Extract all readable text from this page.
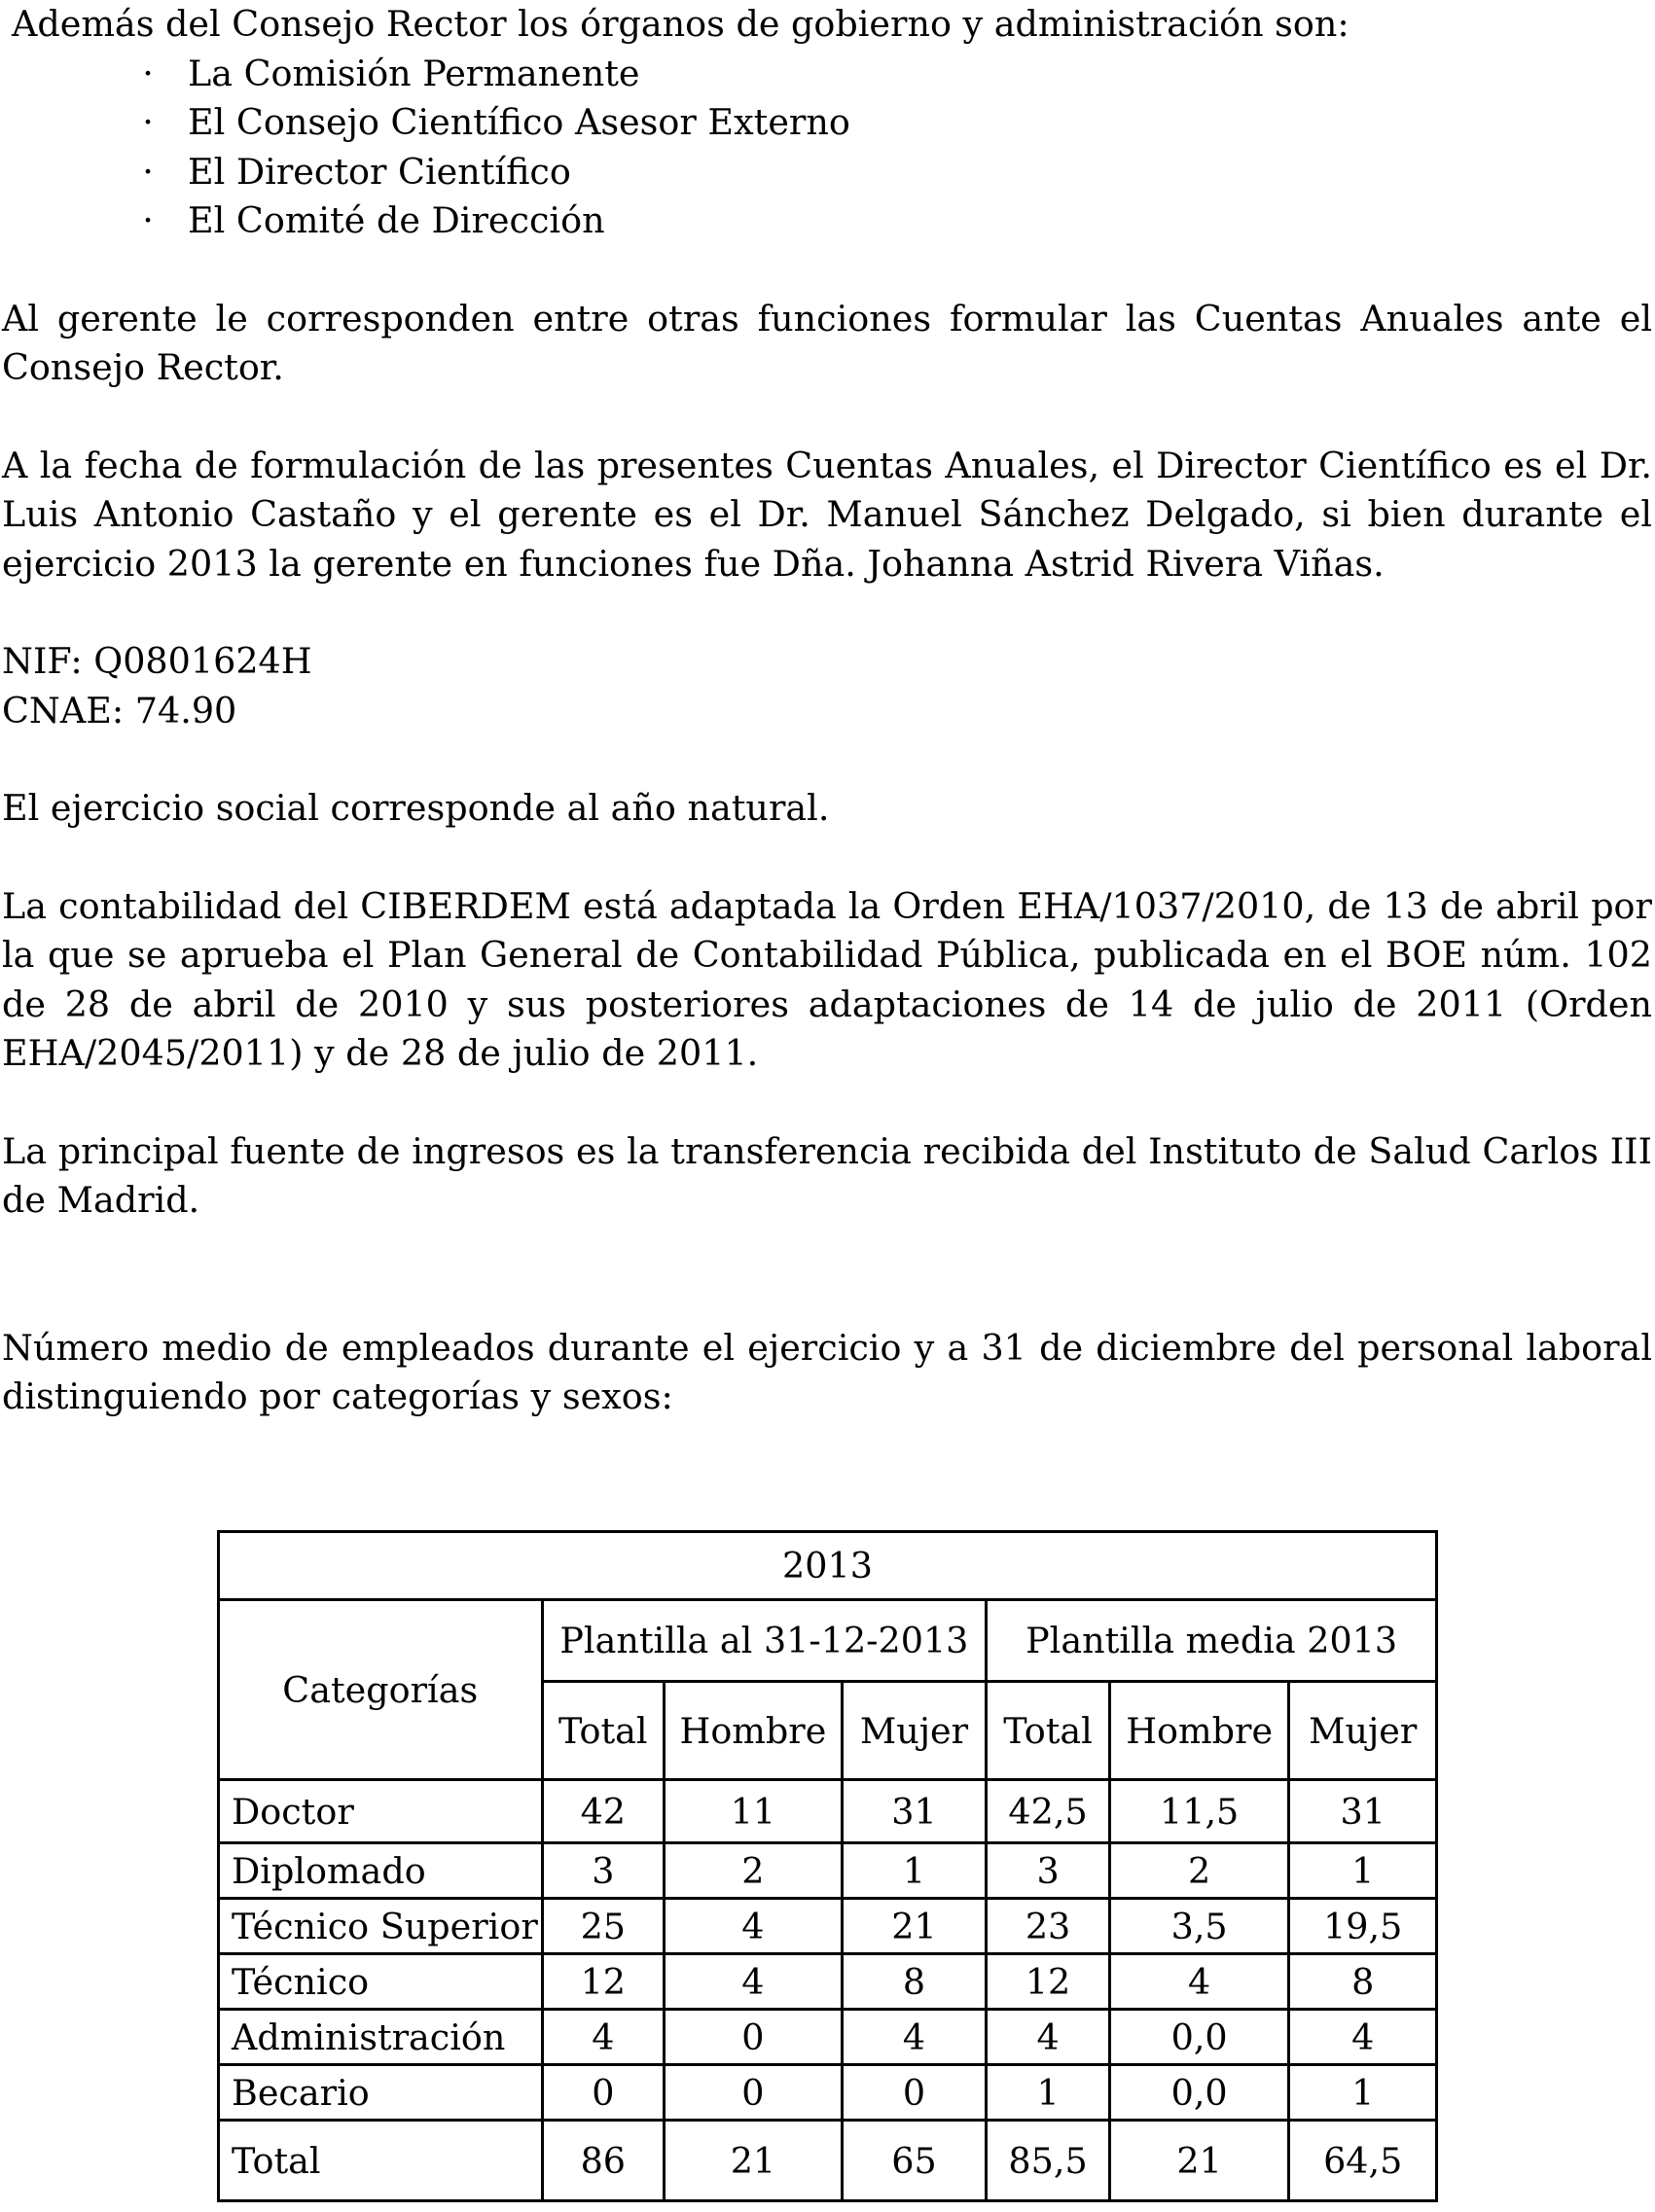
Además del Consejo Rector los órganos de gobierno y administración son:

· La Comisión Permanente
· El Consejo Científico Asesor Externo
· El Director Científico
· El Comité de Dirección

Al gerente le corresponden entre otras funciones formular las Cuentas Anuales ante el Consejo Rector.

A la fecha de formulación de las presentes Cuentas Anuales, el Director Científico es el Dr. Luis Antonio Castaño y el gerente es el Dr. Manuel Sánchez Delgado, si bien durante el ejercicio 2013 la gerente en funciones fue Dña. Johanna Astrid Rivera Viñas.

NIF: Q0801624H

CNAE: 74.90

El ejercicio social corresponde al año natural.

La contabilidad del CIBERDEM está adaptada la Orden EHA/1037/2010, de 13 de abril por la que se aprueba el Plan General de Contabilidad Pública, publicada en el BOE núm. 102 de 28 de abril de 2010 y sus posteriores adaptaciones de 14 de julio de 2011 (Orden EHA/2045/2011) y de 28 de julio de 2011.

La principal fuente de ingresos es la transferencia recibida del Instituto de Salud Carlos III de Madrid.

Número medio de empleados durante el ejercicio y a 31 de diciembre del personal laboral distinguiendo por categorías y sexos:

2013						
Categorías	Plantilla al 31-12-2013			Plantilla media 2013		
	Total	Hombre	Mujer	Total	Hombre	Mujer
Doctor	42	11	31	42,5	11,5	31
Diplomado	3	2	1	3	2	1
Técnico Superior	25	4	21	23	3,5	19,5
Técnico	12	4	8	12	4	8
Administración	4	0	4	4	0,0	4
Becario	0	0	0	1	0,0	1
Total	86	21	65	85,5	21	64,5
